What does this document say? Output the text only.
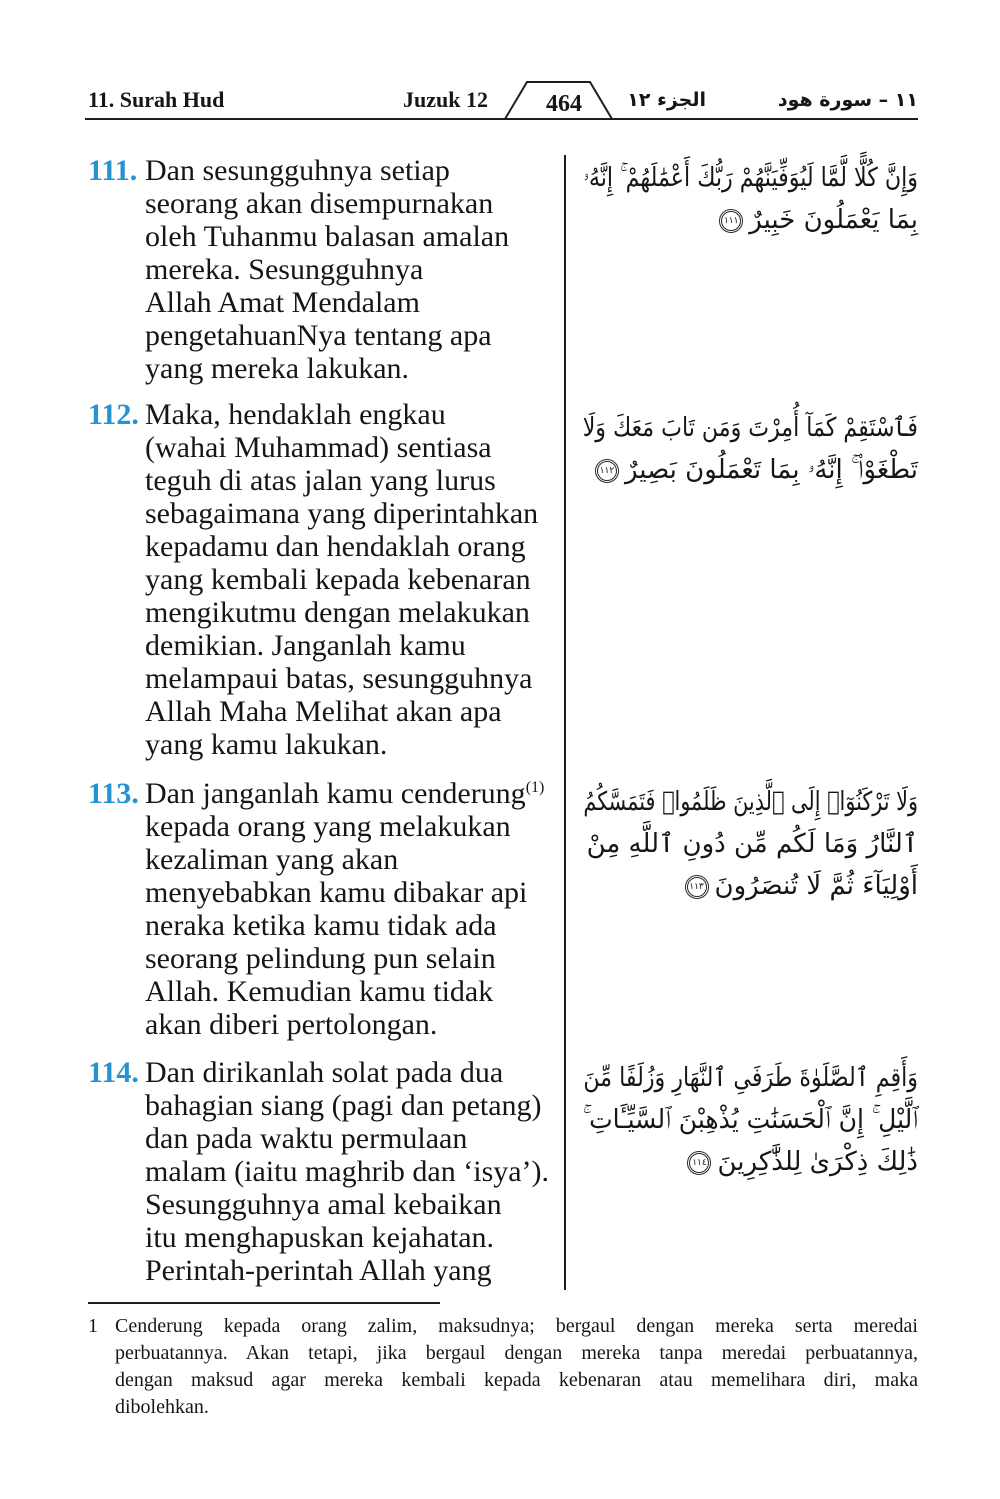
11. Surah Hud	Juzuk 12	464	الجزء ١٢	١١ – سورة هود
111. Dan sesungguhnya setiap
seorang akan disempurnakan
oleh Tuhanmu balasan amalan
mereka. Sesungguhnya
Allah Amat Mendalam
pengetahuanNya tentang apa
yang mereka lakukan.
وَإِنَّ كُلًّا لَّمَّا لَيُوَفِّيَنَّهُمْ رَبُّكَ أَعْمَٰلَهُمْ ۚ إِنَّهُۥ
بِمَا يَعْمَلُونَ خَبِيرٌ١١١
112. Maka, hendaklah engkau
(wahai Muhammad) sentiasa
teguh di atas jalan yang lurus
sebagaimana yang diperintahkan
kepadamu dan hendaklah orang
yang kembali kepada kebenaran
mengikutmu dengan melakukan
demikian. Janganlah kamu
melampaui batas, sesungguhnya
Allah Maha Melihat akan apa
yang kamu lakukan.
فَٱسْتَقِمْ كَمَآ أُمِرْتَ وَمَن تَابَ مَعَكَ وَلَا
تَطْغَوْا۟ ۚ إِنَّهُۥ بِمَا تَعْمَلُونَ بَصِيرٌ١١٢
113. Dan janganlah kamu cenderung$^{(1)}$
kepada orang yang melakukan
kezaliman yang akan
menyebabkan kamu dibakar api
neraka ketika kamu tidak ada
seorang pelindung pun selain
Allah. Kemudian kamu tidak
akan diberi pertolongan.
وَلَا تَرْكَنُوٓا۟ إِلَى ٱلَّذِينَ ظَلَمُوا۟ فَتَمَسَّكُمُ
ٱلنَّارُ وَمَا لَكُم مِّن دُونِ ٱللَّهِ مِنْ
أَوْلِيَآءَ ثُمَّ لَا تُنصَرُونَ١١٣
114. Dan dirikanlah solat pada dua
bahagian siang (pagi dan petang)
dan pada waktu permulaan
malam (iaitu maghrib dan ‘isya’).
Sesungguhnya amal kebaikan
itu menghapuskan kejahatan.
Perintah-perintah Allah yang
وَأَقِمِ ٱلصَّلَوٰةَ طَرَفَىِ ٱلنَّهَارِ وَزُلَفًا مِّنَ
ٱلَّيْلِ ۚ إِنَّ ٱلْحَسَنَٰتِ يُذْهِبْنَ ٱلسَّيِّـَٔاتِ ۚ
ذَٰلِكَ ذِكْرَىٰ لِلذَّٰكِرِينَ١١٤
1 Cenderung kepada orang zalim, maksudnya; bergaul dengan mereka serta meredai
perbuatannya. Akan tetapi, jika bergaul dengan mereka tanpa meredai perbuatannya,
dengan maksud agar mereka kembali kepada kebenaran atau memelihara diri, maka
dibolehkan.
